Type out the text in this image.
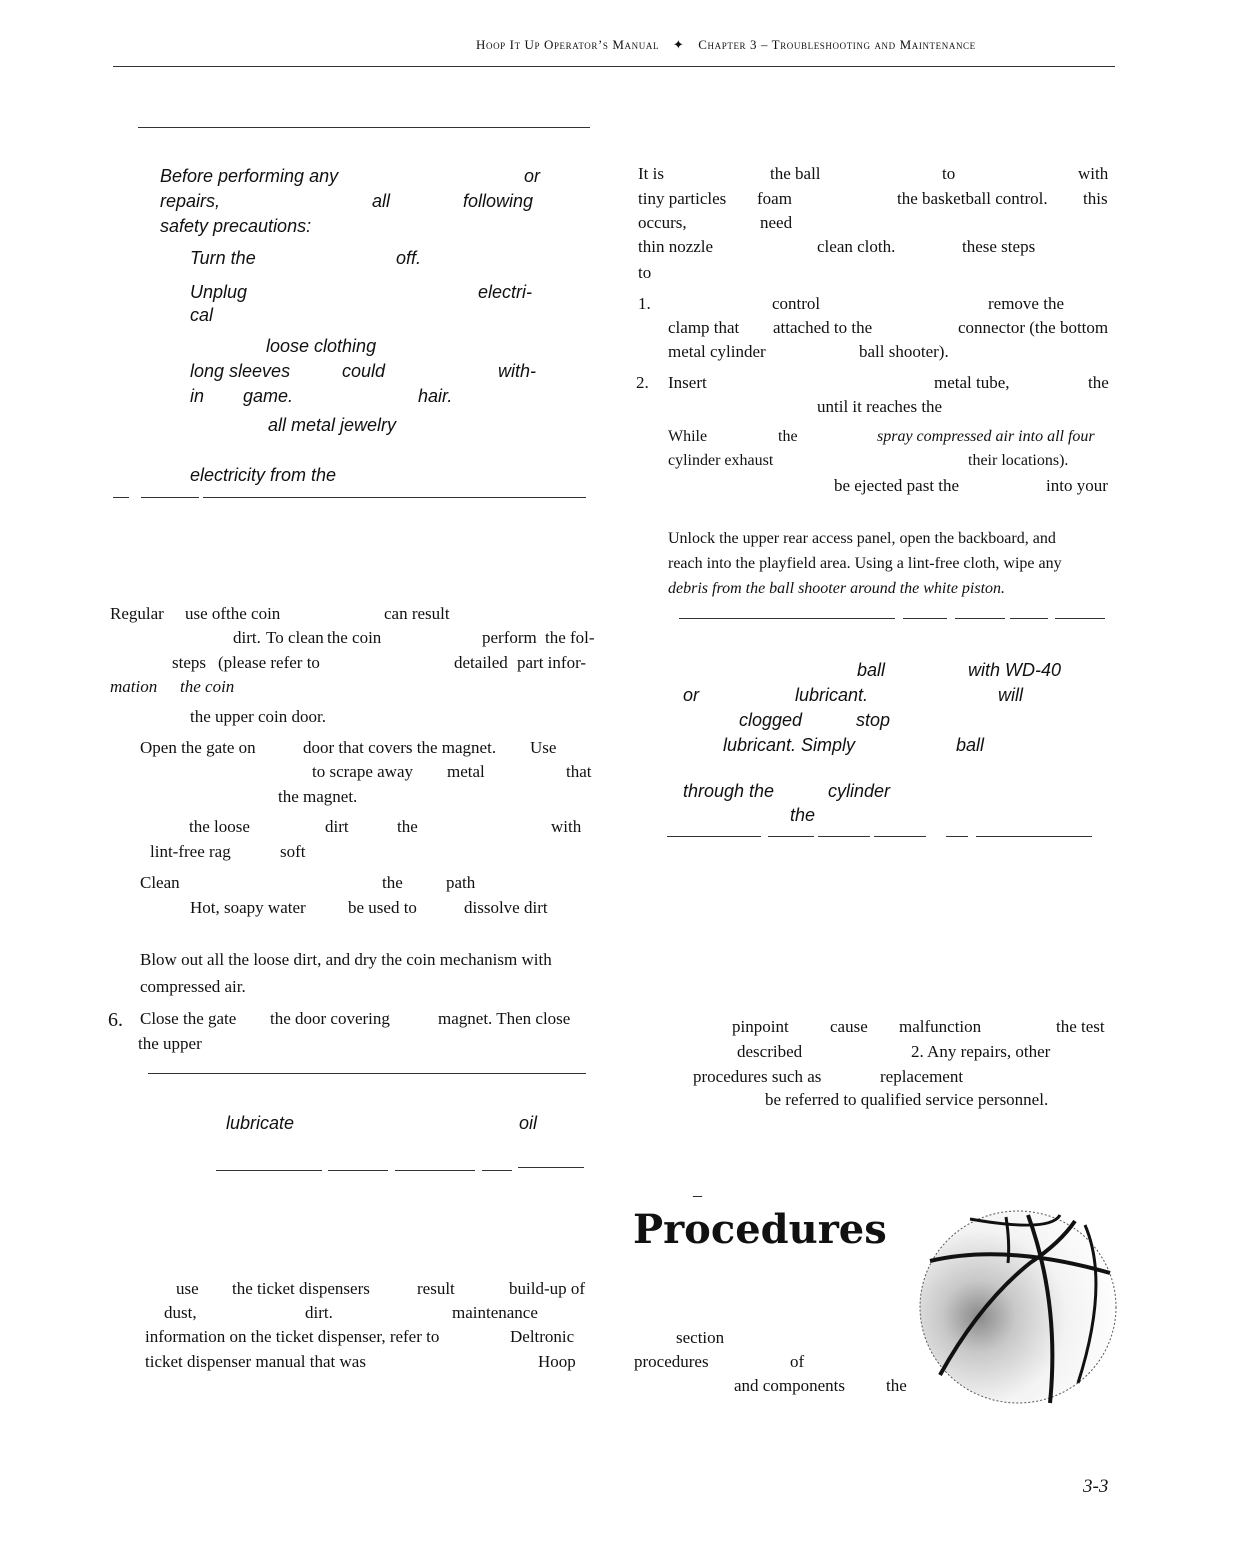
Hoop It Up Operator’s Manual ✦ Chapter 3 – Troubleshooting and Maintenance
Before performing any	or
repairs,	all	following
safety precautions:
Turn the	off.
Unplug	electri-
cal
loose clothing
long sleeves	could	with-
in game.	hair.
all metal jewelry
electricity from the
Regular use of the coin	can result
dirt. To clean the coin	perform the fol-
steps (please refer to	detailed part infor-
mation the coin
the upper coin door.
Open the gate on	door that covers the magnet. Use
to scrape away metal	that
the magnet.
the loose	dirt	the	with
lint-free rag	soft
Clean	the	path
Hot, soapy water be used to	dissolve dirt
Blow out all the loose dirt, and dry the coin mechanism with
compressed air.
6. Close the gate the door covering	magnet. Then close
the upper
lubricate	oil
use the ticket dispensers	result	build-up of
dust,	dirt.	maintenance
information on the ticket dispenser, refer to	Deltronic
ticket dispenser manual that was	Hoop
It is	the ball	to	with
tiny particles foam	the basketball control. this
occurs,	need
thin nozzle	clean cloth.	these steps
to
1.	control	remove the
clamp that attached to the	connector (the bottom
metal cylinder	ball shooter).
2. Insert	metal tube,	the
until it reaches the
While	the	spray compressed air into all four
cylinder exhaust	their locations).
be ejected past the	into your
Unlock the upper rear access panel, open the backboard, and
reach into the playfield area. Using a lint-free cloth, wipe any
debris from the ball shooter around the white piston.
ball	with WD-40
or	lubricant.	will
clogged	stop
lubricant. Simply	ball
through the	cylinder
the
pinpoint cause malfunction	the test
described	2. Any repairs, other
procedures such as	replacement
be referred to qualified service personnel.
–
Procedures
section
procedures	of
and components the
3-3
